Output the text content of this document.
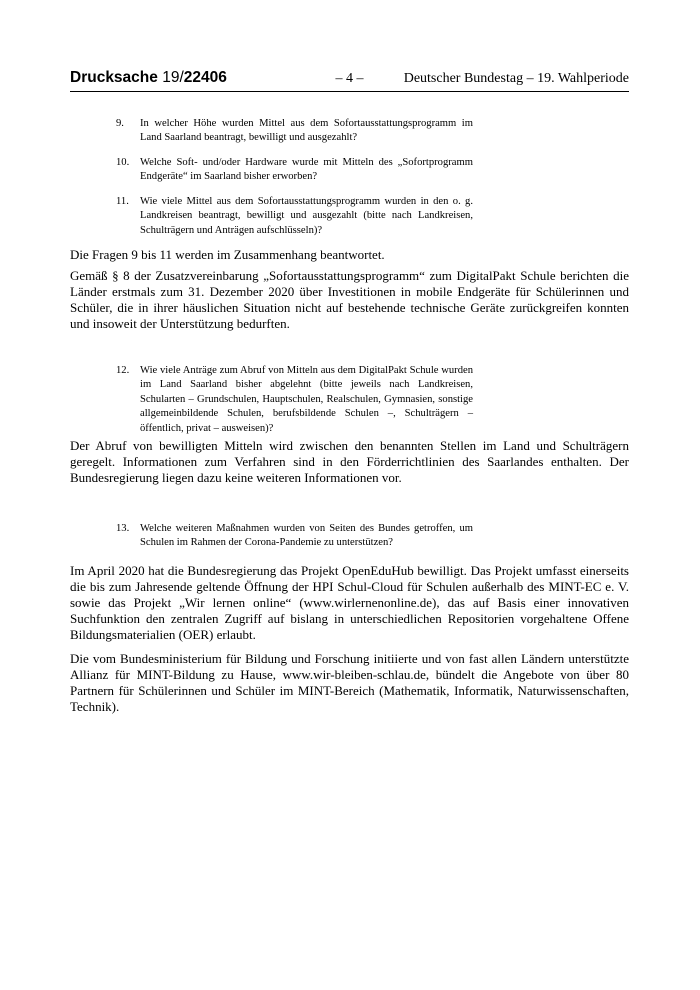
Drucksache 19/22406	– 4 –	Deutscher Bundestag – 19. Wahlperiode
9. In welcher Höhe wurden Mittel aus dem Sofortausstattungsprogramm im Land Saarland beantragt, bewilligt und ausgezahlt?
10. Welche Soft- und/oder Hardware wurde mit Mitteln des „Sofortprogramm Endgeräte“ im Saarland bisher erworben?
11. Wie viele Mittel aus dem Sofortausstattungsprogramm wurden in den o. g. Landkreisen beantragt, bewilligt und ausgezahlt (bitte nach Landkreisen, Schulträgern und Anträgen aufschlüsseln)?
Die Fragen 9 bis 11 werden im Zusammenhang beantwortet.
Gemäß § 8 der Zusatzvereinbarung „Sofortausstattungsprogramm“ zum DigitalPakt Schule berichten die Länder erstmals zum 31. Dezember 2020 über Investitionen in mobile Endgeräte für Schülerinnen und Schüler, die in ihrer häuslichen Situation nicht auf bestehende technische Geräte zurückgreifen konnten und insoweit der Unterstützung bedurften.
12. Wie viele Anträge zum Abruf von Mitteln aus dem DigitalPakt Schule wurden im Land Saarland bisher abgelehnt (bitte jeweils nach Landkreisen, Schularten – Grundschulen, Hauptschulen, Realschulen, Gymnasien, sonstige allgemeinbildende Schulen, berufsbildende Schulen –, Schulträgern – öffentlich, privat – ausweisen)?
Der Abruf von bewilligten Mitteln wird zwischen den benannten Stellen im Land und Schulträgern geregelt. Informationen zum Verfahren sind in den Förderrichtlinien des Saarlandes enthalten. Der Bundesregierung liegen dazu keine weiteren Informationen vor.
13. Welche weiteren Maßnahmen wurden von Seiten des Bundes getroffen, um Schulen im Rahmen der Corona-Pandemie zu unterstützen?
Im April 2020 hat die Bundesregierung das Projekt OpenEduHub bewilligt. Das Projekt umfasst einerseits die bis zum Jahresende geltende Öffnung der HPI Schul-Cloud für Schulen außerhalb des MINT-EC e. V. sowie das Projekt „Wir lernen online“ (www.wirlernenonline.de), das auf Basis einer innovativen Suchfunktion den zentralen Zugriff auf bislang in unterschiedlichen Repositorien vorgehaltene Offene Bildungsmaterialien (OER) erlaubt.
Die vom Bundesministerium für Bildung und Forschung initiierte und von fast allen Ländern unterstützte Allianz für MINT-Bildung zu Hause, www.wir-bleiben-schlau.de, bündelt die Angebote von über 80 Partnern für Schülerinnen und Schüler im MINT-Bereich (Mathematik, Informatik, Naturwissenschaften, Technik).
